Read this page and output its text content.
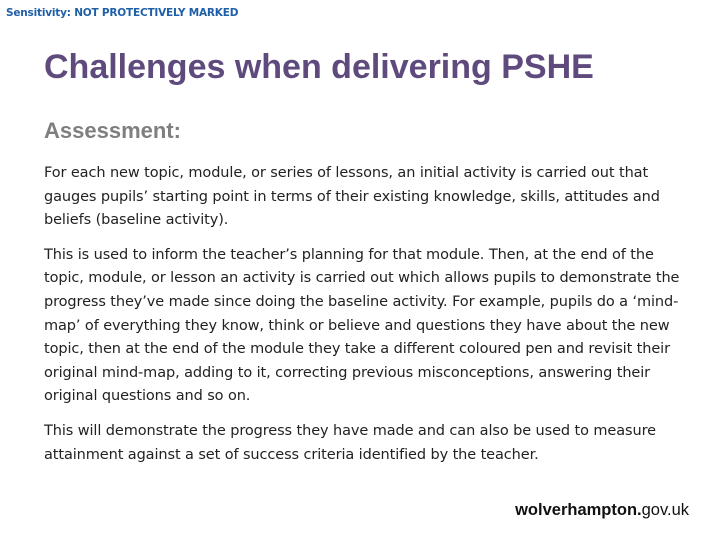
Sensitivity: NOT PROTECTIVELY MARKED
Challenges when delivering PSHE
Assessment:

For each new topic, module, or series of lessons, an initial activity is carried out that gauges pupils’ starting point in terms of their existing knowledge, skills, attitudes and beliefs (baseline activity).

This is used to inform the teacher’s planning for that module. Then, at the end of the topic, module, or lesson an activity is carried out which allows pupils to demonstrate the progress they’ve made since doing the baseline activity. For example, pupils do a ‘mind-map’ of everything they know, think or believe and questions they have about the new topic, then at the end of the module they take a different coloured pen and revisit their original mind-map, adding to it, correcting previous misconceptions, answering their original questions and so on.

This will demonstrate the progress they have made and can also be used to measure attainment against a set of success criteria identified by the teacher.

wolverhampton.gov.uk
